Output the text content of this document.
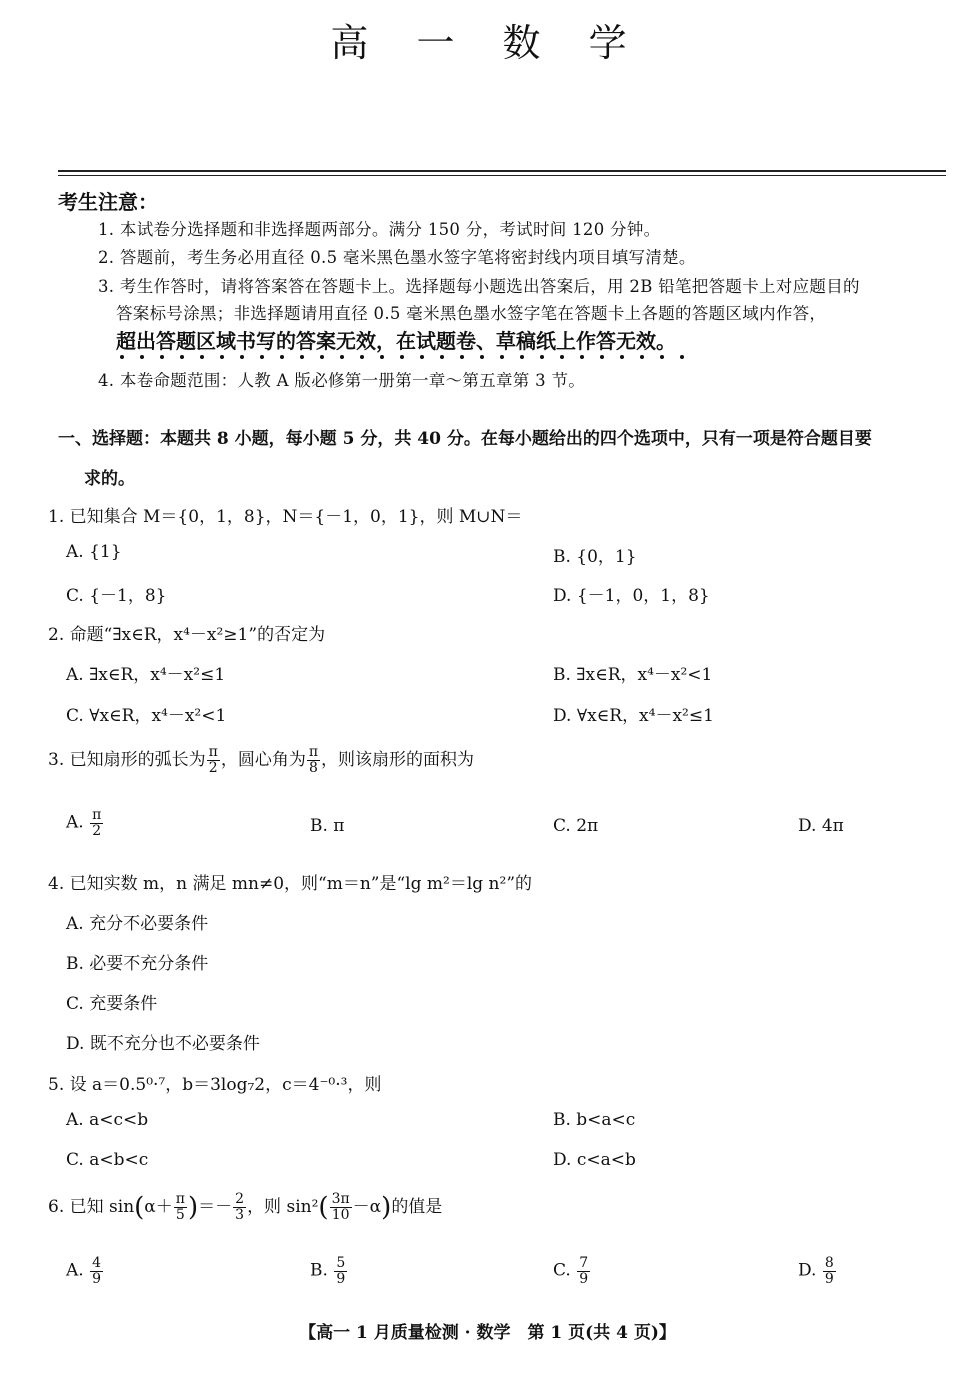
高 一 数 学
考生注意：
1. 本试卷分选择题和非选择题两部分。满分 150 分，考试时间 120 分钟。
2. 答题前，考生务必用直径 0.5 毫米黑色墨水签字笔将密封线内项目填写清楚。
3. 考生作答时，请将答案答在答题卡上。选择题每小题选出答案后，用 2B 铅笔把答题卡上对应题目的
答案标号涂黑；非选择题请用直径 0.5 毫米黑色墨水签字笔在答题卡上各题的答题区域内作答，
超出答题区域书写的答案无效，在试题卷、草稿纸上作答无效。
4. 本卷命题范围：人教 A 版必修第一册第一章～第五章第 3 节。
一、选择题：本题共 8 小题，每小题 5 分，共 40 分。在每小题给出的四个选项中，只有一项是符合题目要
求的。
1. 已知集合 M＝{0，1，8}，N＝{－1，0，1}，则 M∪N＝
A. {1}	B. {0，1}
C. {－1，8}	D. {－1，0，1，8}
2. 命题“∃x∈R，x⁴－x²≥1”的否定为
A. ∃x∈R，x⁴－x²≤1	B. ∃x∈R，x⁴－x²<1
C. ∀x∈R，x⁴－x²<1	D. ∀x∈R，x⁴－x²≤1
3. 已知扇形的弧长为 $\frac{\pi}{2}$ ，圆心角为 $\frac{\pi}{8}$ ，则该扇形的面积为
A. $\frac{\pi}{2}$	B. π	C. 2π	D. 4π
4. 已知实数 m，n 满足 mn≠0，则“m＝n”是“lg m²＝lg n²”的
A. 充分不必要条件
B. 必要不充分条件
C. 充要条件
D. 既不充分也不必要条件
5. 设 a＝0.5⁰·⁷，b＝3log₇2，c＝4⁻⁰·³，则
A. a<c<b	B. b<a<c
C. a<b<c	D. c<a<b
6. 已知 $\sin(\alpha+ \frac{\pi}{5}$ )＝－ $\frac{2}{3}$ ，则 $\sin^2( \frac{3\pi}{10} -\alpha)$的值是
A. $\frac{4}{9}$	B. $\frac{5}{9}$	C. $\frac{7}{9}$	D. $\frac{8}{9}$
【高一 1 月质量检测 · 数学　第 1 页(共 4 页)】
